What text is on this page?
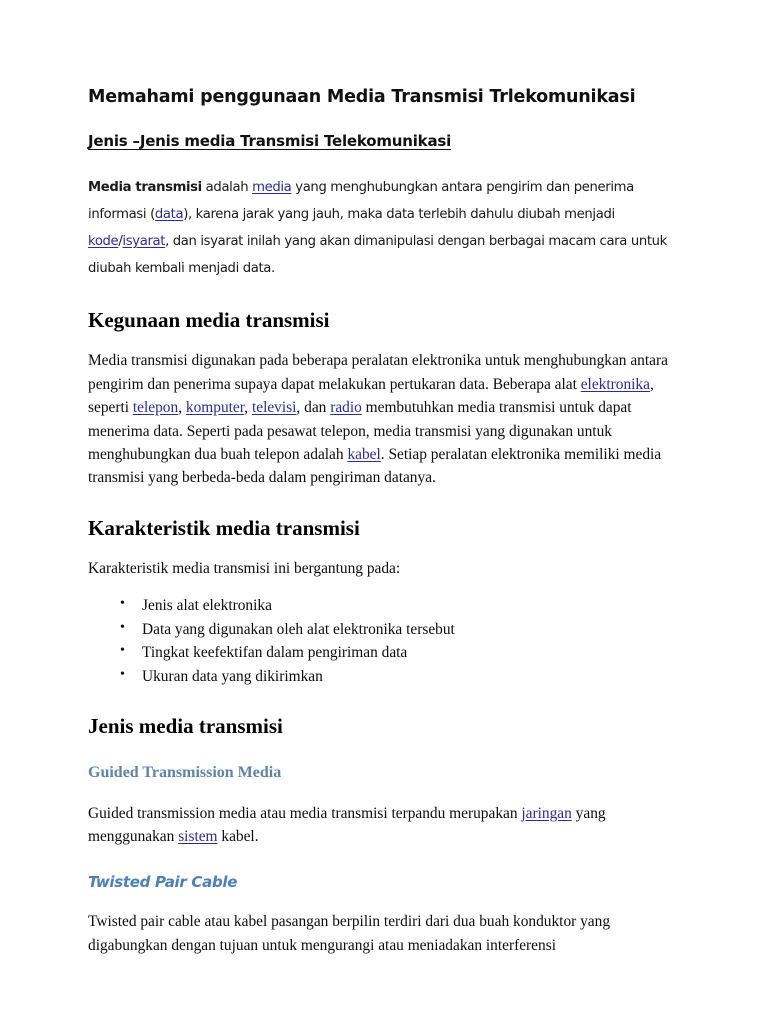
Memahami penggunaan Media Transmisi Trlekomunikasi
Jenis –Jenis media Transmisi Telekomunikasi

Media transmisi adalah media yang menghubungkan antara pengirim dan penerima informasi (data), karena jarak yang jauh, maka data terlebih dahulu diubah menjadi kode/isyarat, dan isyarat inilah yang akan dimanipulasi dengan berbagai macam cara untuk diubah kembali menjadi data.

Kegunaan media transmisi

Media transmisi digunakan pada beberapa peralatan elektronika untuk menghubungkan antara pengirim dan penerima supaya dapat melakukan pertukaran data. Beberapa alat elektronika, seperti telepon, komputer, televisi, dan radio membutuhkan media transmisi untuk dapat menerima data. Seperti pada pesawat telepon, media transmisi yang digunakan untuk menghubungkan dua buah telepon adalah kabel. Setiap peralatan elektronika memiliki media transmisi yang berbeda-beda dalam pengiriman datanya.

Karakteristik media transmisi

Karakteristik media transmisi ini bergantung pada:

• Jenis alat elektronika
• Data yang digunakan oleh alat elektronika tersebut
• Tingkat keefektifan dalam pengiriman data
• Ukuran data yang dikirimkan
Jenis media transmisi
Guided Transmission Media

Guided transmission media atau media transmisi terpandu merupakan jaringan yang menggunakan sistem kabel.

Twisted Pair Cable

Twisted pair cable atau kabel pasangan berpilin terdiri dari dua buah konduktor yang digabungkan dengan tujuan untuk mengurangi atau meniadakan interferensi
